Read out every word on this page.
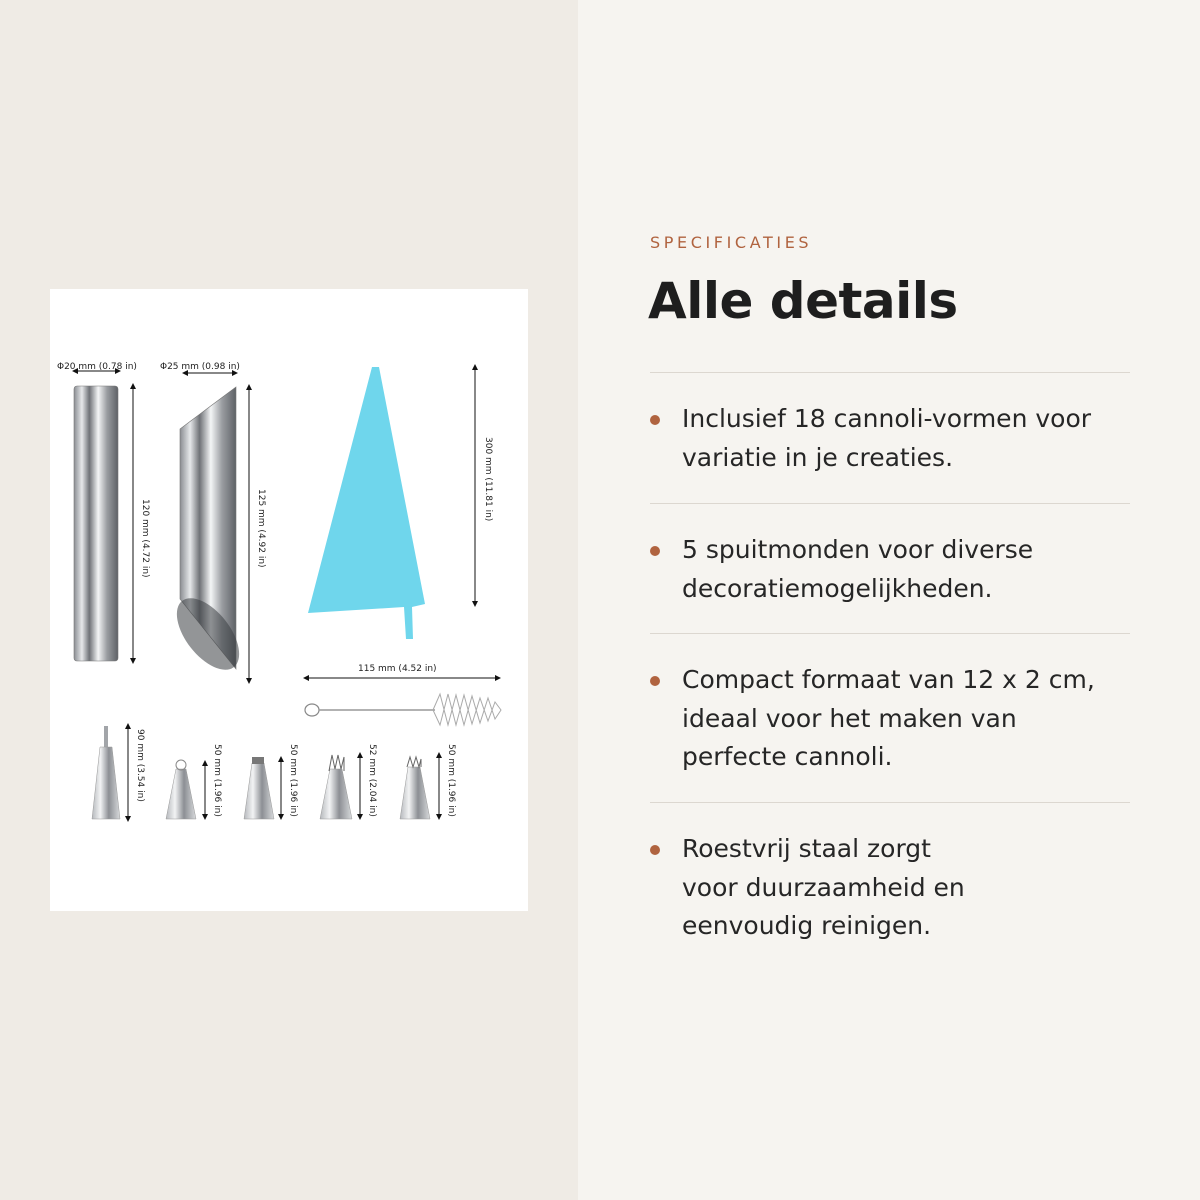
Φ20 mm (0.78 in)
120 mm (4.72 in)
Φ25 mm (0.98 in)
125 mm (4.92 in)
300 mm (11.81 in)
115 mm (4.52 in)
90 mm (3.54 in)	50 mm (1.96 in)	50 mm (1.96 in)	52 mm (2.04 in)	50 mm (1.96 in)
SPECIFICATIES
Alle details
Inclusief 18 cannoli-vormen voor
variatie in je creaties.
5 spuitmonden voor diverse
decoratiemogelijkheden.
Compact formaat van 12 x 2 cm,
ideaal voor het maken van
perfecte cannoli.
Roestvrij staal zorgt
voor duurzaamheid en
eenvoudig reinigen.
